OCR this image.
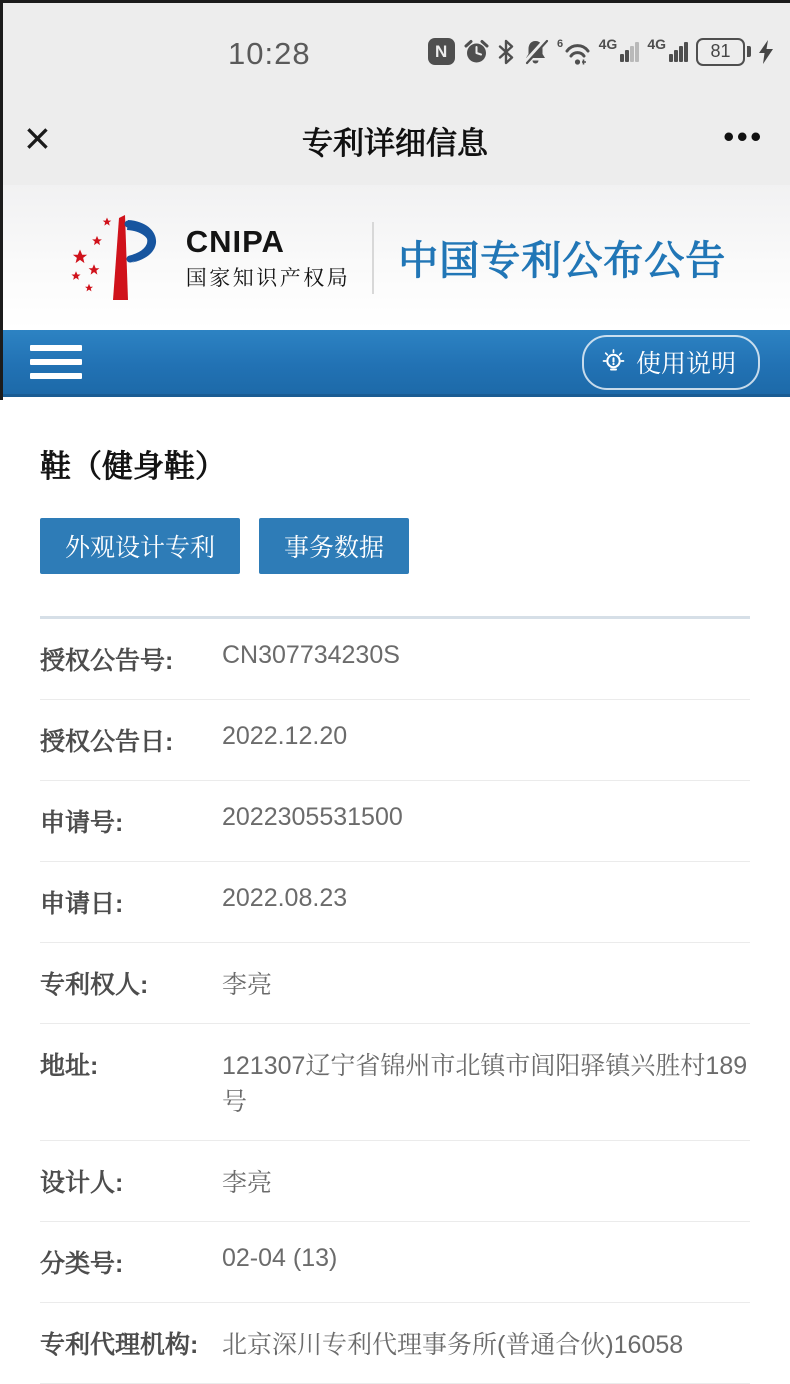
10:28	N	6	4G 4G	81
×	专利详细信息	•••
CNIPA
国家知识产权局 中国专利公布公告
使用说明
鞋（健身鞋）
外观设计专利	事务数据
授权公告号:	CN307734230S
授权公告日:	2022.12.20
申请号:	2022305531500
申请日:	2022.08.23
专利权人:	李亮
地址:	121307辽宁省锦州市北镇市闾阳驿镇兴胜村189号
设计人:	李亮
分类号:	02-04 (13)
专利代理机构: 北京深川专利代理事务所(普通合伙)16058
